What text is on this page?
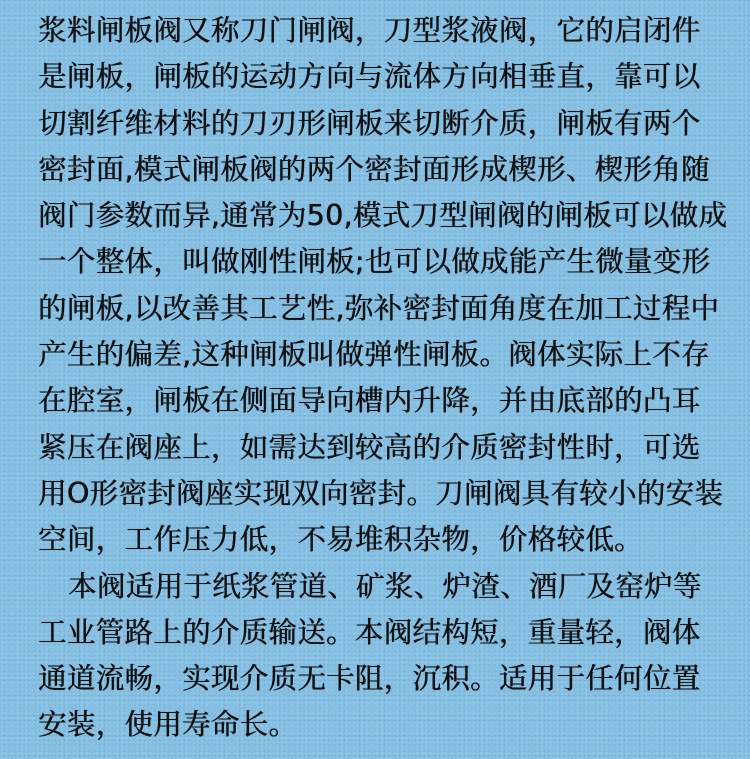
浆料闸板阀又称刀门闸阀，刀型浆液阀，它的启闭件
是闸板，闸板的运动方向与流体方向相垂直，靠可以
切割纤维材料的刀刃形闸板来切断介质，闸板有两个
密封面,模式闸板阀的两个密封面形成楔形、楔形角随
阀门参数而异,通常为50,模式刀型闸阀的闸板可以做成
一个整体，叫做刚性闸板;也可以做成能产生微量变形
的闸板,以改善其工艺性,弥补密封面角度在加工过程中
产生的偏差,这种闸板叫做弹性闸板。阀体实际上不存
在腔室，闸板在侧面导向槽内升降，并由底部的凸耳
紧压在阀座上，如需达到较高的介质密封性时，可选
用O形密封阀座实现双向密封。刀闸阀具有较小的安装
空间，工作压力低，不易堆积杂物，价格较低。
本阀适用于纸浆管道、矿浆、炉渣、酒厂及窑炉等
工业管路上的介质输送。本阀结构短，重量轻，阀体
通道流畅，实现介质无卡阻，沉积。适用于任何位置
安装，使用寿命长。
